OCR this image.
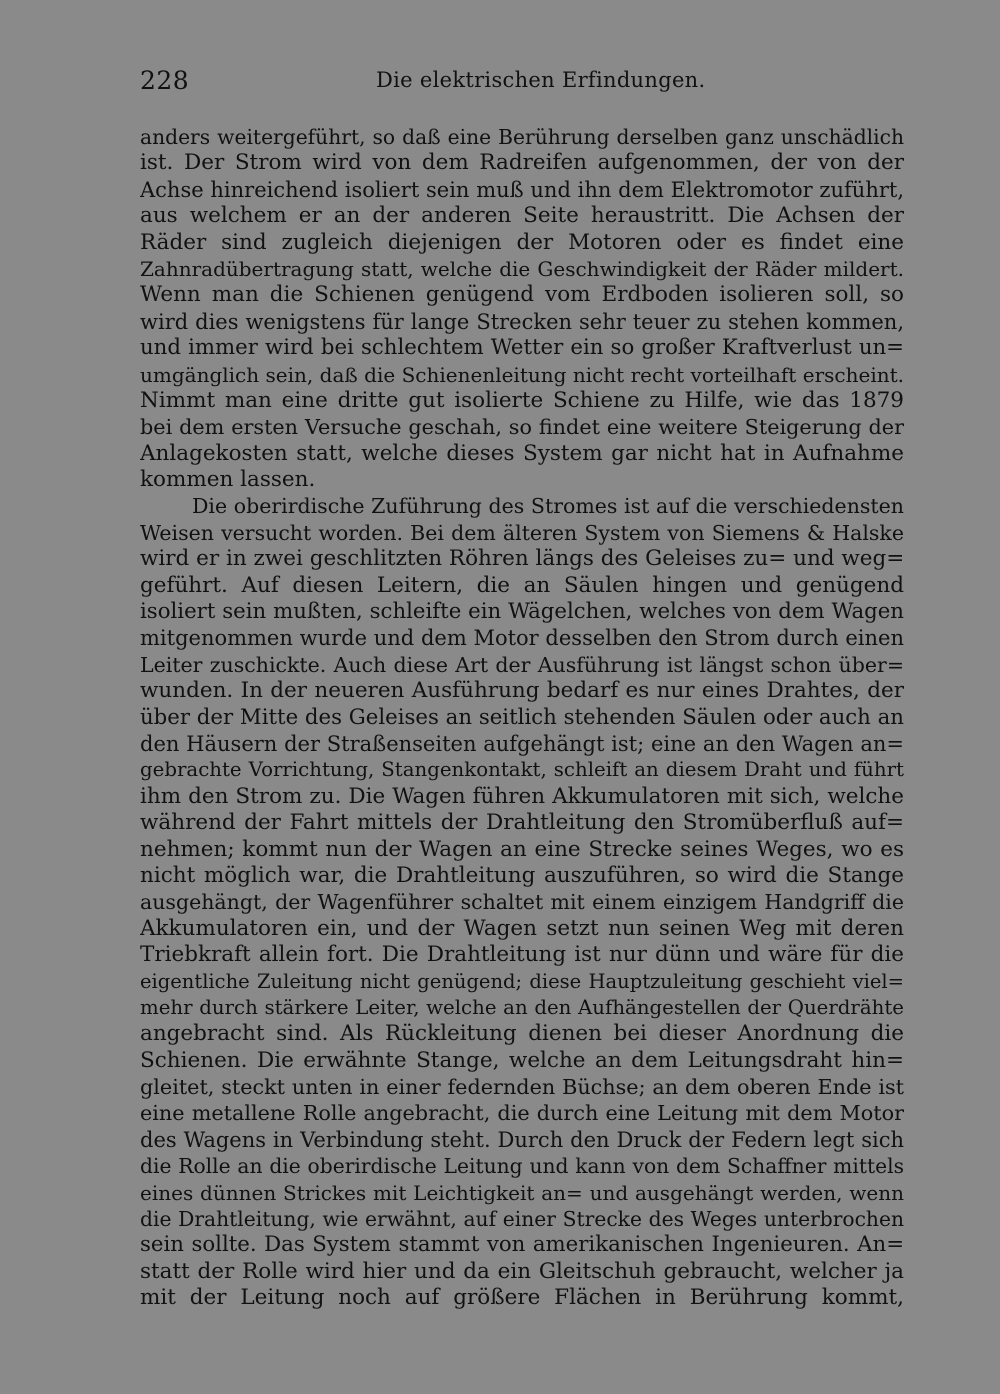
228	Die elektrischen Erfindungen.
anders weitergeführt, so daß eine Berührung derselben ganz unschädlich
ist. Der Strom wird von dem Radreifen aufgenommen, der von der
Achse hinreichend isoliert sein muß und ihn dem Elektromotor zuführt,
aus welchem er an der anderen Seite heraustritt. Die Achsen der
Räder sind zugleich diejenigen der Motoren oder es findet eine
Zahnradübertragung statt, welche die Geschwindigkeit der Räder mildert.
Wenn man die Schienen genügend vom Erdboden isolieren soll, so
wird dies wenigstens für lange Strecken sehr teuer zu stehen kommen,
und immer wird bei schlechtem Wetter ein so großer Kraftverlust un=
umgänglich sein, daß die Schienenleitung nicht recht vorteilhaft erscheint.
Nimmt man eine dritte gut isolierte Schiene zu Hilfe, wie das 1879
bei dem ersten Versuche geschah, so findet eine weitere Steigerung der
Anlagekosten statt, welche dieses System gar nicht hat in Aufnahme
kommen lassen.
Die oberirdische Zuführung des Stromes ist auf die verschiedensten
Weisen versucht worden. Bei dem älteren System von Siemens & Halske
wird er in zwei geschlitzten Röhren längs des Geleises zu= und weg=
geführt. Auf diesen Leitern, die an Säulen hingen und genügend
isoliert sein mußten, schleifte ein Wägelchen, welches von dem Wagen
mitgenommen wurde und dem Motor desselben den Strom durch einen
Leiter zuschickte. Auch diese Art der Ausführung ist längst schon über=
wunden. In der neueren Ausführung bedarf es nur eines Drahtes, der
über der Mitte des Geleises an seitlich stehenden Säulen oder auch an
den Häusern der Straßenseiten aufgehängt ist; eine an den Wagen an=
gebrachte Vorrichtung, Stangenkontakt, schleift an diesem Draht und führt
ihm den Strom zu. Die Wagen führen Akkumulatoren mit sich, welche
während der Fahrt mittels der Drahtleitung den Stromüberfluß auf=
nehmen; kommt nun der Wagen an eine Strecke seines Weges, wo es
nicht möglich war, die Drahtleitung auszuführen, so wird die Stange
ausgehängt, der Wagenführer schaltet mit einem einzigem Handgriff die
Akkumulatoren ein, und der Wagen setzt nun seinen Weg mit deren
Triebkraft allein fort. Die Drahtleitung ist nur dünn und wäre für die
eigentliche Zuleitung nicht genügend; diese Hauptzuleitung geschieht viel=
mehr durch stärkere Leiter, welche an den Aufhängestellen der Querdrähte
angebracht sind. Als Rückleitung dienen bei dieser Anordnung die
Schienen. Die erwähnte Stange, welche an dem Leitungsdraht hin=
gleitet, steckt unten in einer federnden Büchse; an dem oberen Ende ist
eine metallene Rolle angebracht, die durch eine Leitung mit dem Motor
des Wagens in Verbindung steht. Durch den Druck der Federn legt sich
die Rolle an die oberirdische Leitung und kann von dem Schaffner mittels
eines dünnen Strickes mit Leichtigkeit an= und ausgehängt werden, wenn
die Drahtleitung, wie erwähnt, auf einer Strecke des Weges unterbrochen
sein sollte. Das System stammt von amerikanischen Ingenieuren. An=
statt der Rolle wird hier und da ein Gleitschuh gebraucht, welcher ja
mit der Leitung noch auf größere Flächen in Berührung kommt,
